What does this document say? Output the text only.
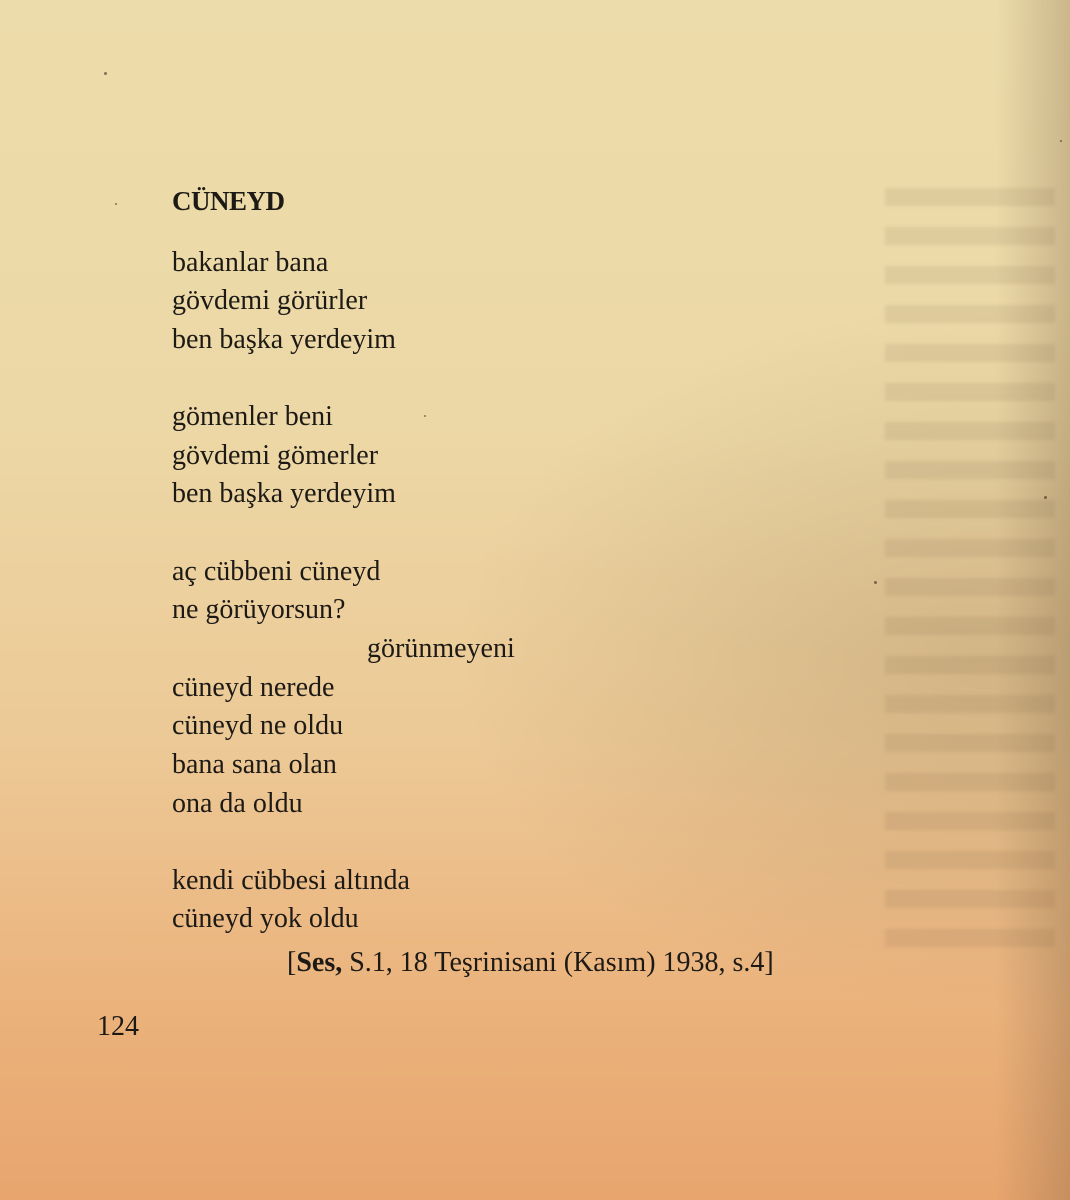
CÜNEYD

bakanlar bana

gövdemi görürler

ben başka yerdeyim

gömenler beni

gövdemi gömerler

ben başka yerdeyim

aç cübbeni cüneyd

ne görüyorsun?

görünmeyeni

cüneyd nerede

cüneyd ne oldu

bana sana olan

ona da oldu

kendi cübbesi altında

cüneyd yok oldu

[Ses, S.1, 18 Teşrinisani (Kasım) 1938, s.4]
124
